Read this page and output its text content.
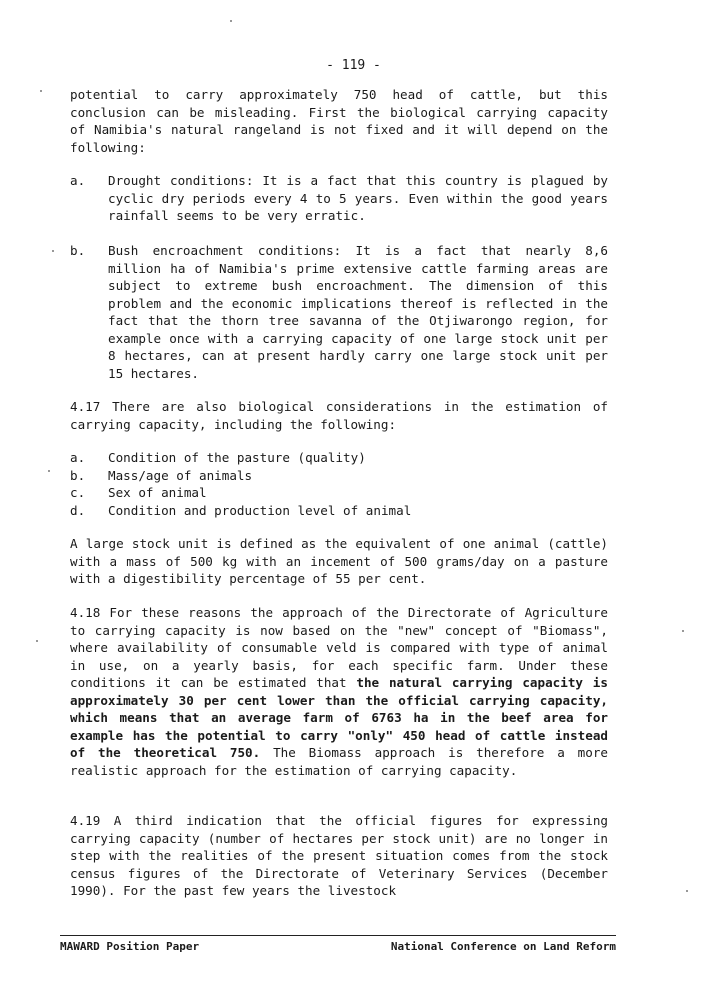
- 119 -

potential to carry approximately 750 head of cattle, but this conclusion can be misleading. First the biological carrying capacity of Namibia's natural rangeland is not fixed and it will depend on the following:

a.	Drought conditions: It is a fact that this country is plagued by cyclic dry periods every 4 to 5 years. Even within the good years rainfall seems to be very erratic.
b.	Bush encroachment conditions: It is a fact that nearly 8,6 million ha of Namibia's prime extensive cattle farming areas are subject to extreme bush encroachment. The dimension of this problem and the economic implications thereof is reflected in the fact that the thorn tree savanna of the Otjiwarongo region, for example once with a carrying capacity of one large stock unit per 8 hectares, can at present hardly carry one large stock unit per 15 hectares.

4.17 There are also biological considerations in the estimation of carrying capacity, including the following:

a.	Condition of the pasture (quality)
b.	Mass/age of animals
c.	Sex of animal
d.	Condition and production level of animal

A large stock unit is defined as the equivalent of one animal (cattle) with a mass of 500 kg with an incement of 500 grams/day on a pasture with a digestibility percentage of 55 per cent.

4.18 For these reasons the approach of the Directorate of Agriculture to carrying capacity is now based on the "new" concept of "Biomass", where availability of consumable veld is compared with type of animal in use, on a yearly basis, for each specific farm. Under these conditions it can be estimated that the natural carrying capacity is approximately 30 per cent lower than the official carrying capacity, which means that an average farm of 6763 ha in the beef area for example has the potential to carry "only" 450 head of cattle instead of the theoretical 750. The Biomass approach is therefore a more realistic approach for the estimation of carrying capacity.

4.19 A third indication that the official figures for expressing carrying capacity (number of hectares per stock unit) are no longer in step with the realities of the present situation comes from the stock census figures of the Directorate of Veterinary Services (December 1990). For the past few years the livestock

MAWARD Position Paper	National Conference on Land Reform
